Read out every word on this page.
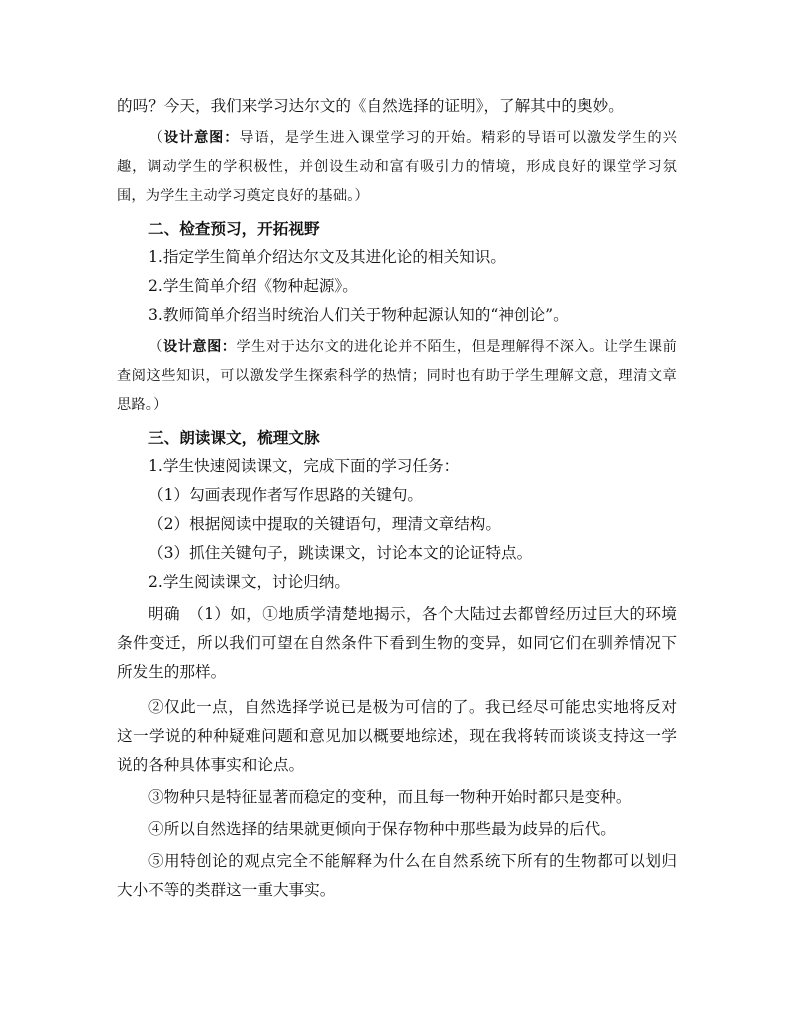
的吗？今天，我们来学习达尔文的《自然选择的证明》，了解其中的奥妙。

（设计意图：导语，是学生进入课堂学习的开始。精彩的导语可以激发学生的兴趣，调动学生的学积极性，并创设生动和富有吸引力的情境，形成良好的课堂学习氛围，为学生主动学习奠定良好的基础。）

二、检查预习，开拓视野

1.指定学生简单介绍达尔文及其进化论的相关知识。

2.学生简单介绍《物种起源》。

3.教师简单介绍当时统治人们关于物种起源认知的“神创论”。

（设计意图：学生对于达尔文的进化论并不陌生，但是理解得不深入。让学生课前查阅这些知识，可以激发学生探索科学的热情；同时也有助于学生理解文意，理清文章思路。）

三、朗读课文，梳理文脉

1.学生快速阅读课文，完成下面的学习任务：

（1）勾画表现作者写作思路的关键句。

（2）根据阅读中提取的关键语句，理清文章结构。

（3）抓住关键句子，跳读课文，讨论本文的论证特点。

2.学生阅读课文，讨论归纳。

明确　（1）如，①地质学清楚地揭示，各个大陆过去都曾经历过巨大的环境条件变迁，所以我们可望在自然条件下看到生物的变异，如同它们在驯养情况下所发生的那样。

②仅此一点，自然选择学说已是极为可信的了。我已经尽可能忠实地将反对这一学说的种种疑难问题和意见加以概要地综述，现在我将转而谈谈支持这一学说的各种具体事实和论点。

③物种只是特征显著而稳定的变种，而且每一物种开始时都只是变种。

④所以自然选择的结果就更倾向于保存物种中那些最为歧异的后代。

⑤用特创论的观点完全不能解释为什么在自然系统下所有的生物都可以划归大小不等的类群这一重大事实。
